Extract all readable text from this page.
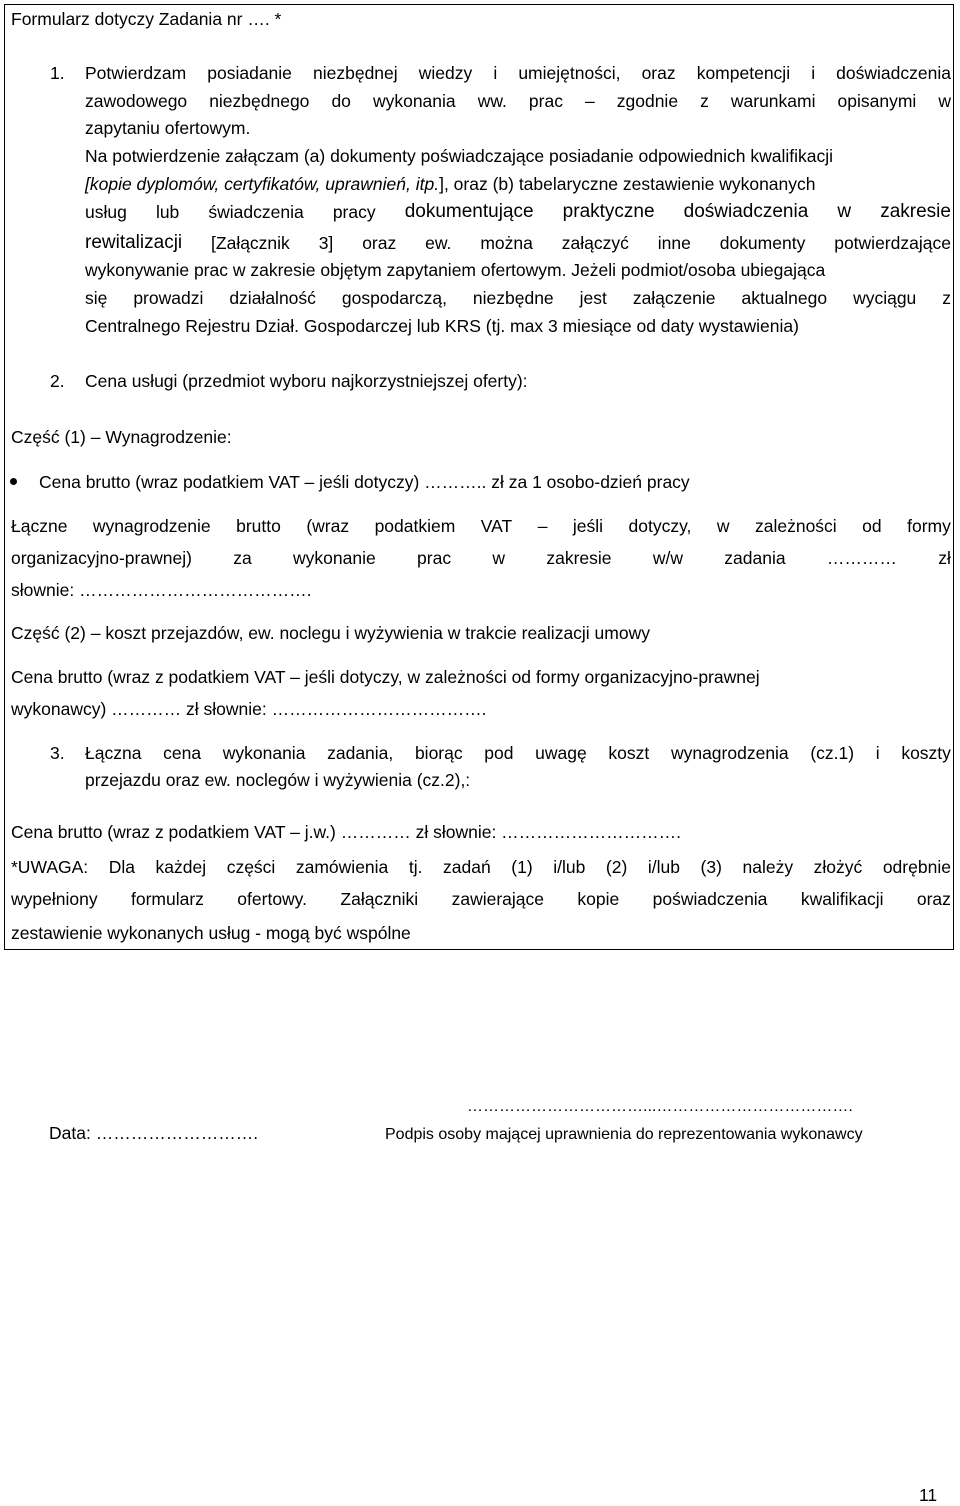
Formularz dotyczy Zadania nr …. *
1. Potwierdzam posiadanie niezbędnej wiedzy i umiejętności, oraz kompetencji i doświadczenia
zawodowego niezbędnego do wykonania ww. prac – zgodnie z warunkami opisanymi w
zapytaniu ofertowym.
Na potwierdzenie załączam (a) dokumenty poświadczające posiadanie odpowiednich kwalifikacji
[kopie dyplomów, certyfikatów, uprawnień, itp.], oraz (b) tabelaryczne zestawienie wykonanych
usług lub świadczenia pracy dokumentujące praktyczne doświadczenia w zakresie
rewitalizacji [Załącznik 3] oraz ew. można załączyć inne dokumenty potwierdzające
wykonywanie prac w zakresie objętym zapytaniem ofertowym. Jeżeli podmiot/osoba ubiegająca
się prowadzi działalność gospodarczą, niezbędne jest załączenie aktualnego wyciągu z
Centralnego Rejestru Dział. Gospodarczej lub KRS (tj. max 3 miesiące od daty wystawienia)
2. Cena usługi (przedmiot wyboru najkorzystniejszej oferty):
Część (1) – Wynagrodzenie:
Cena brutto (wraz podatkiem VAT – jeśli dotyczy) ……….. zł za 1 osobo-dzień pracy
Łączne wynagrodzenie brutto (wraz podatkiem VAT – jeśli dotyczy, w zależności od formy
organizacyjno-prawnej) za wykonanie prac w zakresie w/w zadania ………… zł
słownie: ………………………………….
Część (2) – koszt przejazdów, ew. noclegu i wyżywienia w trakcie realizacji umowy
Cena brutto (wraz z podatkiem VAT – jeśli dotyczy, w zależności od formy organizacyjno-prawnej
wykonawcy) ………… zł słownie: ……………………………….
3. Łączna cena wykonania zadania, biorąc pod uwagę koszt wynagrodzenia (cz.1) i koszty
przejazdu oraz ew. noclegów i wyżywienia (cz.2),:
Cena brutto (wraz z podatkiem VAT – j.w.) ………… zł słownie: ………………………….
*UWAGA: Dla każdej części zamówienia tj. zadań (1) i/lub (2) i/lub (3) należy złożyć odrębnie
wypełniony formularz ofertowy. Załączniki zawierające kopie poświadczenia kwalifikacji oraz
zestawienie wykonanych usług - mogą być wspólne
……………………………...……………………………….
Data: ……………………….	Podpis osoby mającej uprawnienia do reprezentowania wykonawcy
11
